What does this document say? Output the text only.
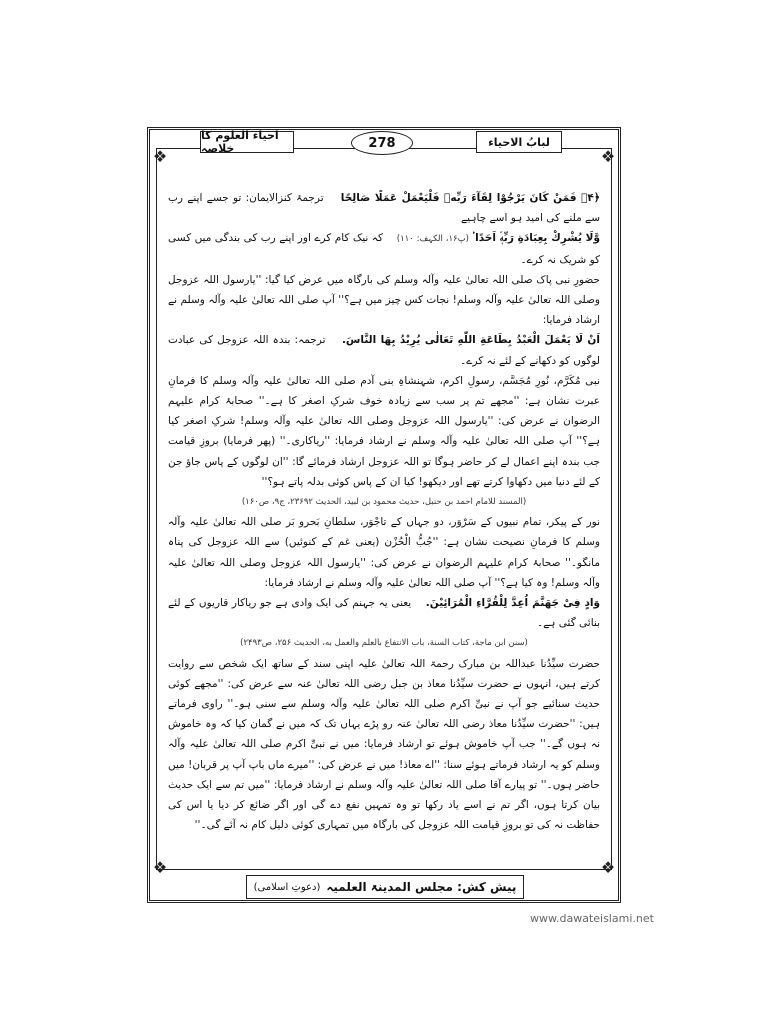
❖	❖
❖	❖
لبابُ الاحیاء
278
احیاء العلوم کا خلاصہ

﴿۴﴾ فَمَنْ كَانَ يَرْجُوْا لِقَآءَ رَبِّهٖ فَلْيَعْمَلْ عَمَلًا صَالِحًا    ترجمۂ کنزالایمان: تو جسے اپنے رب سے ملنے کی امید ہو اسے چاہیے

وَّلَا يُشْرِكْ بِعِبَادَةِ رَبِّهٖۤ اَحَدًا ۟ (پ۱۶، الکہف: ۱۱۰)    کہ نیک کام کرے اور اپنے رب کی بندگی میں کسی کو شریک نہ کرے۔

حضورِ نبی پاک صلی اللہ تعالیٰ علیہ وآلہ وسلم کی بارگاہ میں عرض کیا گیا: ''یارسول اللہ عزوجل وصلی اللہ تعالیٰ علیہ وآلہ وسلم! نجات کس چیز میں ہے؟'' آپ صلی اللہ تعالیٰ علیہ وآلہ وسلم نے ارشاد فرمایا:

اَنْ لَا یَعْمَلَ الْعَبْدُ بِطَاعَةِ اللّٰهِ تَعَالٰی یُرِیْدُ بِهَا النَّاسَ.    ترجمہ: بندہ اللہ عزوجل کی عبادت لوگوں کو دکھانے کے لئے نہ کرے۔

نبی مُکَرَّم، نُورِ مُجَسَّم، رسولِ اکرم، شہنشاہِ بنی آدم صلی اللہ تعالیٰ علیہ وآلہ وسلم کا فرمانِ عبرت نشان ہے: ''مجھے تم پر سب سے زیادہ خوف شرکِ اصغر کا ہے۔'' صحابۂ کرام علیہم الرضوان نے عرض کی: ''یارسول اللہ عزوجل وصلی اللہ تعالیٰ علیہ وآلہ وسلم! شرکِ اصغر کیا ہے؟'' آپ صلی اللہ تعالیٰ علیہ وآلہ وسلم نے ارشاد فرمایا: ''ریاکاری۔'' (پھر فرمایا) بروزِ قیامت جب بندہ اپنے اعمال لے کر حاضر ہوگا تو اللہ عزوجل ارشاد فرمائے گا: ''ان لوگوں کے پاس جاؤ جن کے لئے دنیا میں دکھاوا کرتے تھے اور دیکھو! کیا ان کے پاس کوئی بدلہ پاتے ہو؟''

(المسند للامام احمد بن حنبل، حدیث محمود بن لبید، الحدیث ۲۳۶۹۲، ج۹، ص۱۶۰)

نور کے پیکر، تمام نبیوں کے سَرْوَر، دو جہاں کے تاجْوَر، سلطانِ بَحرو بَر صلی اللہ تعالیٰ علیہ وآلہ وسلم کا فرمانِ نصیحت نشان ہے: ''جُبُّ الْحُزْن (یعنی غم کے کنوئیں) سے اللہ عزوجل کی پناہ مانگو۔'' صحابۂ کرام علیہم الرضوان نے عرض کی: ''یارسول اللہ عزوجل وصلی اللہ تعالیٰ علیہ وآلہ وسلم! وہ کیا ہے؟'' آپ صلی اللہ تعالیٰ علیہ وآلہ وسلم نے ارشاد فرمایا:

وَادٍ فِیْ جَهَنَّمَ اُعِدَّ لِلْقُرَّاءِ الْمُرَائِیْنَ.    یعنی یہ جہنم کی ایک وادی ہے جو ریاکار قاریوں کے لئے بنائی گئی ہے۔

(سنن ابن ماجة، کتاب السنة، باب الانتفاع بالعلم والعمل به، الحدیث ۲۵۶، ص۲۴۹۳)

حضرت سیِّدُنا عبداللہ بن مبارک رحمۃ اللہ تعالیٰ علیہ اپنی سند کے ساتھ ایک شخص سے روایت کرتے ہیں، انہوں نے حضرت سیِّدُنا معاذ بن جبل رضی اللہ تعالیٰ عنہ سے عرض کی: ''مجھے کوئی حدیث سنائیے جو آپ نے نبیِّ اکرم صلی اللہ تعالیٰ علیہ وآلہ وسلم سے سنی ہو۔'' راوی فرماتے ہیں: ''حضرت سیِّدُنا معاذ رضی اللہ تعالیٰ عنہ رو پڑے یہاں تک کہ میں نے گمان کیا کہ وہ خاموش نہ ہوں گے۔'' جب آپ خاموش ہوئے تو ارشاد فرمایا: میں نے نبیِّ اکرم صلی اللہ تعالیٰ علیہ وآلہ وسلم کو یہ ارشاد فرماتے ہوئے سنا: ''اے معاذ! میں نے عرض کی: ''میرے ماں باپ آپ پر قربان! میں حاضر ہوں۔'' تو پیارے آقا صلی اللہ تعالیٰ علیہ وآلہ وسلم نے ارشاد فرمایا: ''میں تم سے ایک حدیث بیان کرتا ہوں، اگر تم نے اسے یاد رکھا تو وہ تمہیں نفع دے گی اور اگر ضائع کر دیا یا اس کی حفاظت نہ کی تو بروزِ قیامت اللہ عزوجل کی بارگاہ میں تمہاری کوئی دلیل کام نہ آئے گی۔''

پیش کش:

مجلس المدینۃ العلمیہ
(دعوتِ اسلامی)
www.dawateislami.net
